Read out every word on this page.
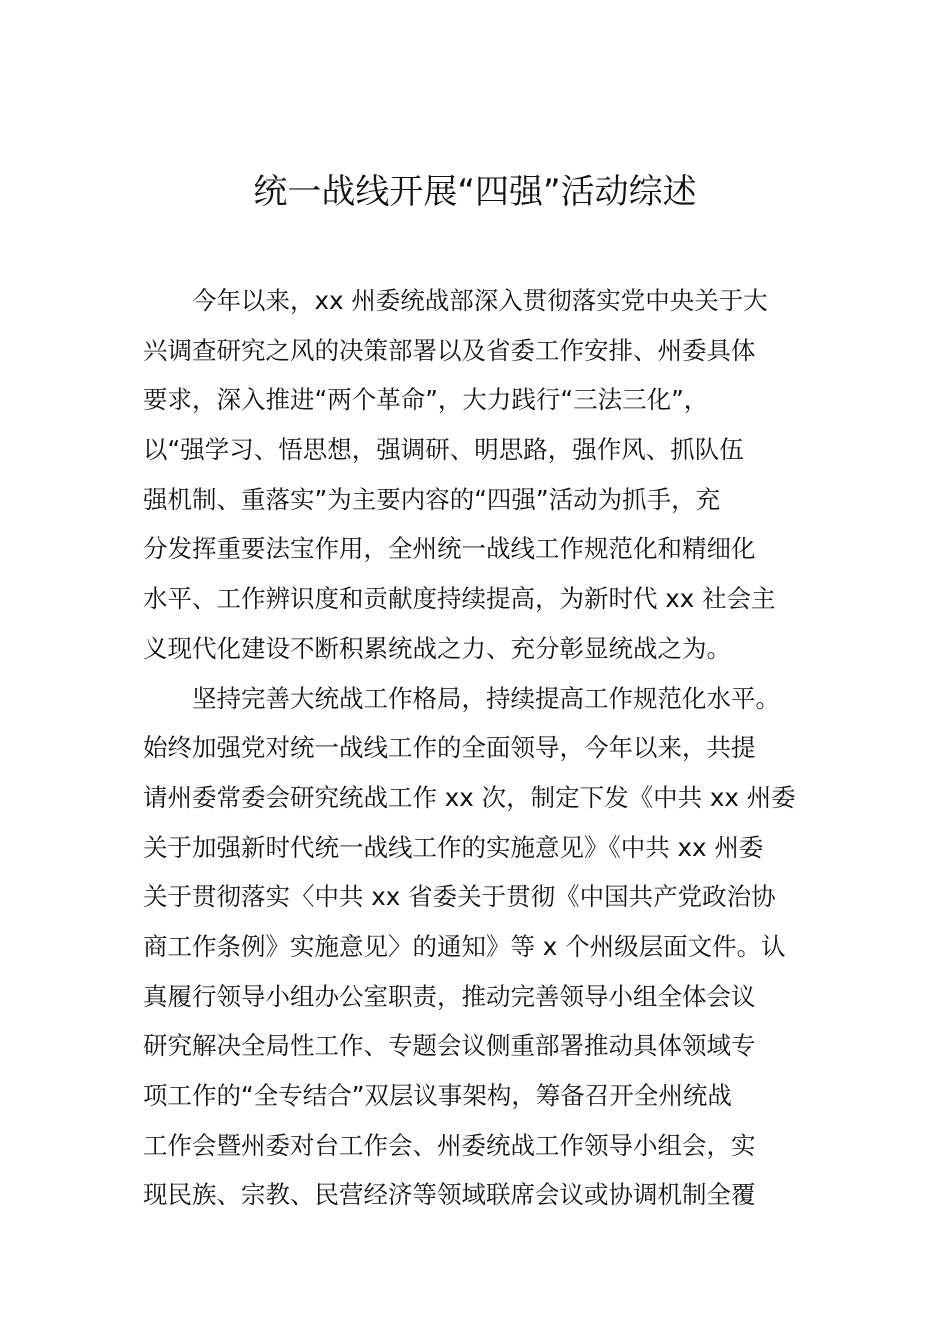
统一战线开展“四强”活动综述
今年以来，xx 州委统战部深入贯彻落实党中央关于大
兴调查研究之风的决策部署以及省委工作安排、州委具体
要求，深入推进“两个革命”，大力践行“三法三化”，
以“强学习、悟思想，强调研、明思路，强作风、抓队伍
强机制、重落实”为主要内容的“四强”活动为抓手，充
分发挥重要法宝作用，全州统一战线工作规范化和精细化
水平、工作辨识度和贡献度持续提高，为新时代 xx 社会主
义现代化建设不断积累统战之力、充分彰显统战之为。
坚持完善大统战工作格局，持续提高工作规范化水平。
始终加强党对统一战线工作的全面领导，今年以来，共提
请州委常委会研究统战工作 xx 次，制定下发《中共 xx 州委
关于加强新时代统一战线工作的实施意见》《中共 xx 州委
关于贯彻落实〈中共 xx 省委关于贯彻《中国共产党政治协
商工作条例》实施意见〉的通知》等 x 个州级层面文件。认
真履行领导小组办公室职责，推动完善领导小组全体会议
研究解决全局性工作、专题会议侧重部署推动具体领域专
项工作的“全专结合”双层议事架构，筹备召开全州统战
工作会暨州委对台工作会、州委统战工作领导小组会，实
现民族、宗教、民营经济等领域联席会议或协调机制全覆
